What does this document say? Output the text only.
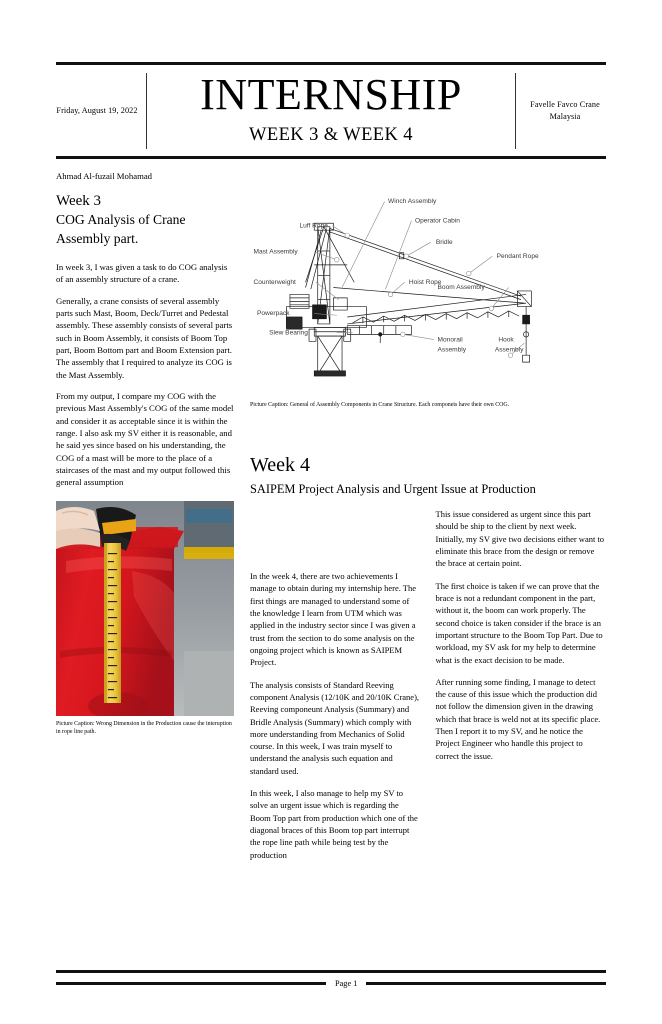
Friday, August 19, 2022 INTERNSHIP
WEEK 3 & WEEK 4
Favelle Favco Crane Malaysia
Ahmad Al-fuzail Mohamad
Week 3
COG Analysis of Crane Assembly part.

In week 3, I was given a task to do COG analysis of an assembly structure of a crane.

Generally, a crane consists of several assembly parts such Mast, Boom, Deck/Turret and Pedestal assembly. These assembly consists of several parts such in Boom Assembly, it consists of Boom Top part, Boom Bottom part and Boom Extension part. The assembly that I required to analyze its COG is the Mast Assembly.

From my output, I compare my COG with the previous Mast Assembly's COG of the same model and consider it as acceptable since it is within the range. I also ask my SV either it is reasonable, and he said yes since based on his understanding, the COG of a mast will be more to the place of a staircases of the mast and my output followed this general assumption

Picture Caption: Wrong Dimension in the Production cause the interuption in rope line path.
Winch Assembly
Operator Cabin
Luff Rope
Bridle
Mast Assembly
Pendant Rope
Counterweight	Hoist Rope
Powerpack
Boom Assembly
Slew Bearing
Monorail
Assembly
Hook
Assembly
Picture Caption: General of Assembly Components in Crane Structure. Each componets have their own COG.
Week 4
SAIPEM Project Analysis and Urgent Issue at Production

In the week 4, there are two achievements I manage to obtain during my internship here. The first things are managed to understand some of the knowledge I learn from UTM which was applied in the industry sector since I was given a trust from the section to do some analysis on the ongoing project which is known as SAIPEM Project.

The analysis consists of Standard Reeving component Analysis (12/10K and 20/10K Crane), Reeving componeunt Analysis (Summary) and Bridle Analysis (Summary) which comply with more understanding from Mechanics of Solid course. In this week, I was train myself to understand the analysis such equation and standard used.

In this week, I also manage to help my SV to solve an urgent issue which is regarding the Boom Top part from production which one of the diagonal braces of this Boom top part interrupt the rope line path while being test by the production

This issue considered as urgent since this part should be ship to the client by next week. Initially, my SV give two decisions either want to eliminate this brace from the design or remove the brace at certain point.

The first choice is taken if we can prove that the brace is not a redundant component in the part, without it, the boom can work properly. The second choice is taken consider if the brace is an important structure to the Boom Top Part. Due to workload, my SV ask for my help to determine what is the exact decision to be made.

After running some finding, I manage to detect the cause of this issue which the production did not follow the dimension given in the drawing which that brace is weld not at its specific place. Then I report it to my SV, and he notice the Project Engineer who handle this project to correct the issue.

Page 1
